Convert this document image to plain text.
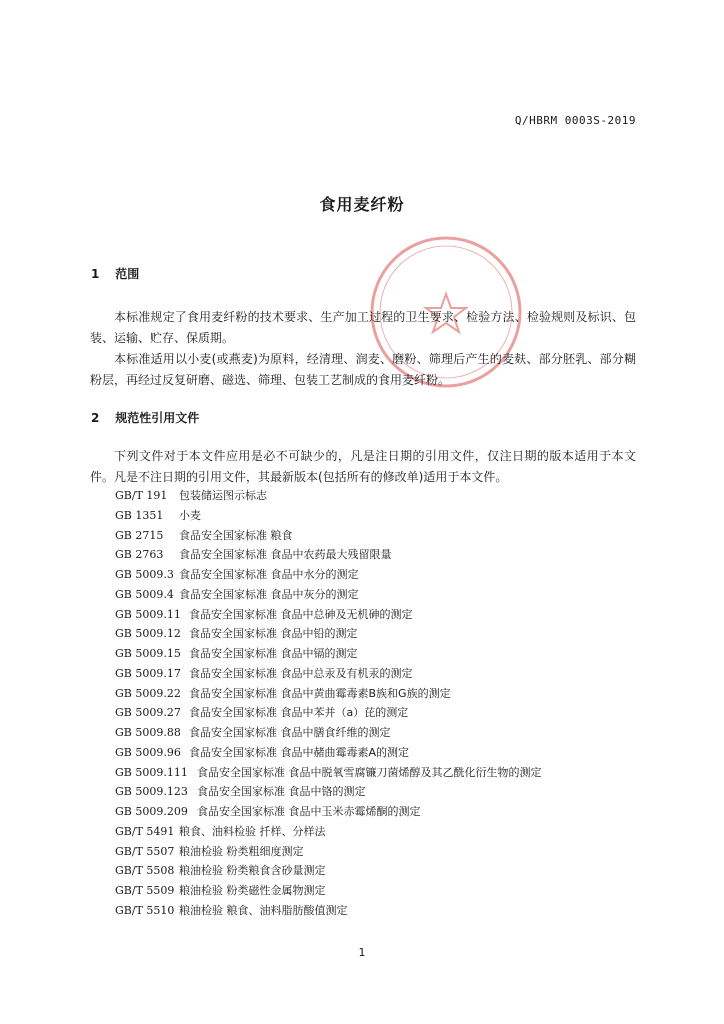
Q/HBRM 0003S-2019
食用麦纤粉
1 范围

本标准规定了食用麦纤粉的技术要求、生产加工过程的卫生要求、检验方法、检验规则及标识、包装、运输、贮存、保质期。

本标准适用以小麦(或燕麦)为原料，经清理、润麦、磨粉、筛理后产生的麦麸、部分胚乳、部分糊粉层，再经过反复研磨、磁选、筛理、包装工艺制成的食用麦纤粉。

2 规范性引用文件

下列文件对于本文件应用是必不可缺少的，凡是注日期的引用文件，仅注日期的版本适用于本文件。凡是不注日期的引用文件，其最新版本(包括所有的修改单)适用于本文件。

GB/T 191 包装储运图示标志
GB 1351 小麦
GB 2715 食品安全国家标准 粮食
GB 2763 食品安全国家标准 食品中农药最大残留限量
GB 5009.3 食品安全国家标准 食品中水分的测定
GB 5009.4 食品安全国家标准 食品中灰分的测定
GB 5009.11 食品安全国家标准 食品中总砷及无机砷的测定
GB 5009.12 食品安全国家标准 食品中铅的测定
GB 5009.15 食品安全国家标准 食品中镉的测定
GB 5009.17 食品安全国家标准 食品中总汞及有机汞的测定
GB 5009.22 食品安全国家标准 食品中黄曲霉毒素B族和G族的测定
GB 5009.27 食品安全国家标准 食品中苯并（a）芘的测定
GB 5009.88 食品安全国家标准 食品中膳食纤维的测定
GB 5009.96 食品安全国家标准 食品中赭曲霉毒素A的测定
GB 5009.111 食品安全国家标准 食品中脱氧雪腐镰刀菌烯醇及其乙酰化衍生物的测定
GB 5009.123 食品安全国家标准 食品中铬的测定
GB 5009.209 食品安全国家标准 食品中玉米赤霉烯酮的测定
GB/T 5491 粮食、油料检验 扦样、分样法
GB/T 5507 粮油检验 粉类粗细度测定
GB/T 5508 粮油检验 粉类粮食含砂量测定
GB/T 5509 粮油检验 粉类磁性金属物测定
GB/T 5510 粮油检验 粮食、油料脂肪酸值测定
1
